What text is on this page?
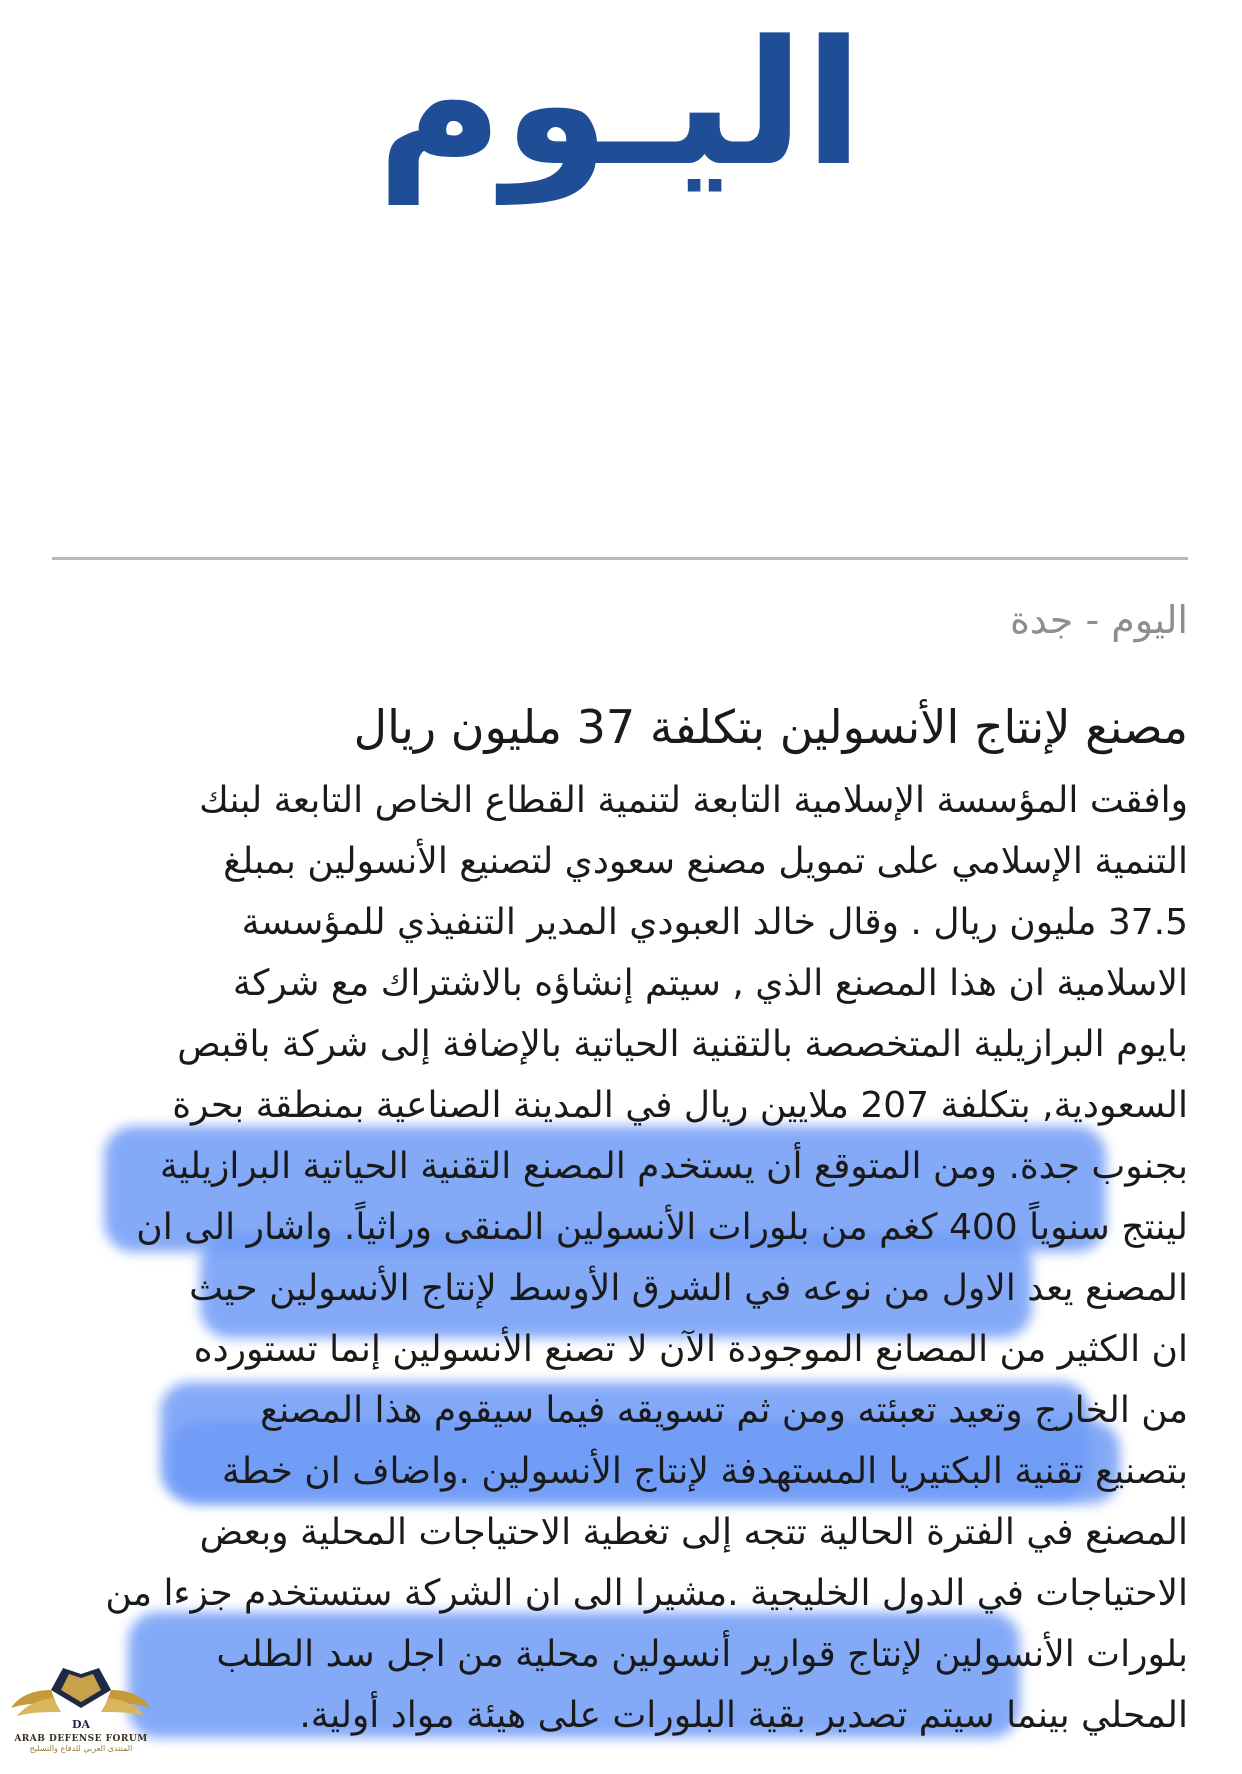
اليـوم
اليوم - جدة
مصنع لإنتاج الأنسولين بتكلفة 37 مليون ريال
وافقت المؤسسة الإسلامية التابعة لتنمية القطاع الخاص التابعة لبنك
التنمية الإسلامي على تمويل مصنع سعودي لتصنيع الأنسولين بمبلغ
37.5 مليون ريال . وقال خالد العبودي المدير التنفيذي للمؤسسة
الاسلامية ان هذا المصنع الذي , سيتم إنشاؤه بالاشتراك مع شركة
بايوم البرازيلية المتخصصة بالتقنية الحياتية بالإضافة إلى شركة باقبص
السعودية, بتكلفة 207 ملايين ريال في المدينة الصناعية بمنطقة بحرة
بجنوب جدة. ومن المتوقع أن يستخدم المصنع التقنية الحياتية البرازيلية
لينتج سنوياً 400 كغم من بلورات الأنسولين المنقى وراثياً. واشار الى ان
المصنع يعد الاول من نوعه في الشرق الأوسط لإنتاج الأنسولين حيث
ان الكثير من المصانع الموجودة الآن لا تصنع الأنسولين إنما تستورده
من الخارج وتعيد تعبئته ومن ثم تسويقه فيما سيقوم هذا المصنع
بتصنيع تقنية البكتيريا المستهدفة لإنتاج الأنسولين .واضاف ان خطة
المصنع في الفترة الحالية تتجه إلى تغطية الاحتياجات المحلية وبعض
الاحتياجات في الدول الخليجية .مشيرا الى ان الشركة ستستخدم جزءا من
بلورات الأنسولين لإنتاج قوارير أنسولين محلية من اجل سد الطلب
المحلي بينما سيتم تصدير بقية البلورات على هيئة مواد أولية.
DA
ARAB DEFENSE FORUM
المنتدى العربي للدفاع والتسليح
